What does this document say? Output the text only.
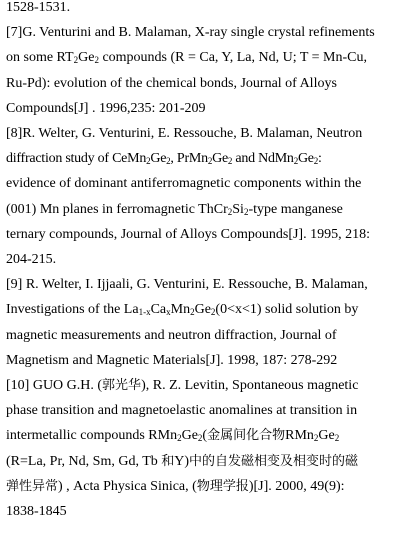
1528-1531.
[7]G. Venturini and B. Malaman, X-ray single crystal refinements
on some $RT_2Ge_2$ compounds (R = Ca, Y, La, Nd, U; T = Mn-Cu,
Ru-Pd): evolution of the chemical bonds, Journal of Alloys
Compounds[J] . 1996,235: 201-209
[8]R. Welter, G. Venturini, E. Ressouche, B. Malaman, Neutron
diffraction study of $CeMn_2Ge_2$, $PrMn_2Ge_2$ and $NdMn_2Ge_2$:
evidence of dominant antiferromagnetic components within the
(001) Mn planes in ferromagnetic $ThCr_2Si_2$-type manganese
ternary compounds, Journal of Alloys Compounds[J]. 1995, 218:
204-215.
[9] R. Welter, I. Ijjaali, G. Venturini, E. Ressouche, B. Malaman,
Investigations of the $La_{1-x}Ca_xMn_2Ge_2(0<x<1)$ solid solution by
magnetic measurements and neutron diffraction, Journal of
Magnetism and Magnetic Materials[J]. 1998, 187: 278-292
[10] GUO G.H. (郭光华), R. Z. Levitin, Spontaneous magnetic
phase transition and magnetoelastic anomalines at transition in
intermetallic compounds $RMn_2Ge_2$(金属间化合物$RMn_2Ge_2$
(R=La, Pr, Nd, Sm, Gd, Tb 和Y)中的自发磁相变及相变时的磁
弹性异常) , Acta Physica Sinica, (物理学报)[J]. 2000, 49(9):
1838-1845
